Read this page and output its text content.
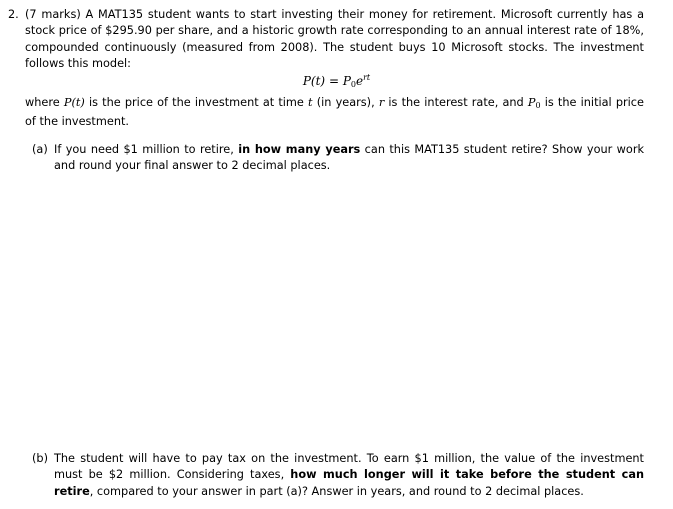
2. (7 marks) A MAT135 student wants to start investing their money for retirement. Microsoft currently has a stock price of $295.90 per share, and a historic growth rate corresponding to an annual interest rate of 18%, compounded continuously (measured from 2008). The student buys 10 Microsoft stocks. The investment follows this model:
$P(t) = P_0e^{rt}$
where P(t) is the price of the investment at time t (in years), r is the interest rate, and $P_0$ is the initial price of the investment.
(a) If you need $1 million to retire, in how many years can this MAT135 student retire? Show your work and round your final answer to 2 decimal places.
(b) The student will have to pay tax on the investment. To earn $1 million, the value of the investment must be $2 million. Considering taxes, how much longer will it take before the student can retire, compared to your answer in part (a)? Answer in years, and round to 2 decimal places.
